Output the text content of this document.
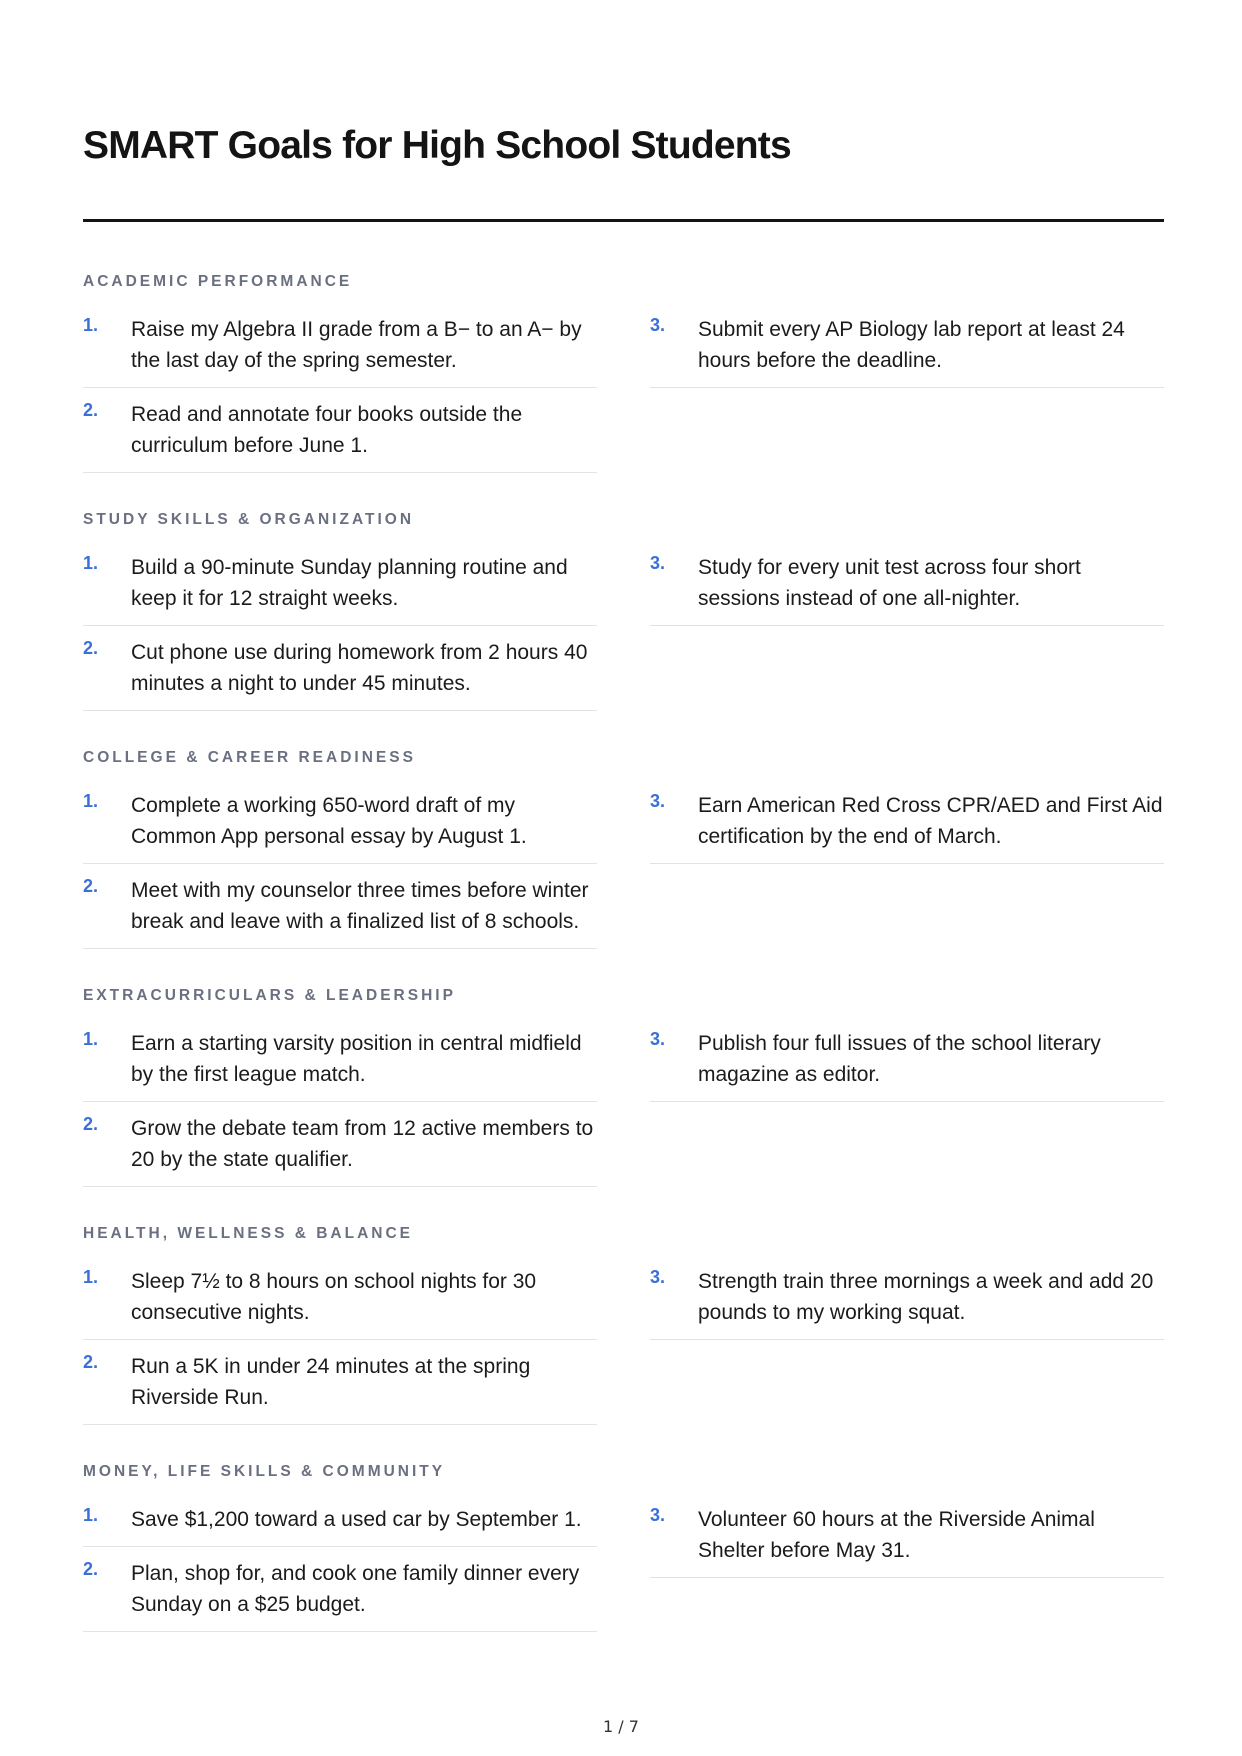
SMART Goals for High School Students
ACADEMIC PERFORMANCE
1.	Raise my Algebra II grade from a B− to an A− by the last day of the spring semester.
2.	Read and annotate four books outside the curriculum before June 1.
3.	Submit every AP Biology lab report at least 24 hours before the deadline.
STUDY SKILLS & ORGANIZATION
1.	Build a 90-minute Sunday planning routine and keep it for 12 straight weeks.
2.	Cut phone use during homework from 2 hours 40 minutes a night to under 45 minutes.
3.	Study for every unit test across four short sessions instead of one all-nighter.
COLLEGE & CAREER READINESS
1.	Complete a working 650-word draft of my Common App personal essay by August 1.
2.	Meet with my counselor three times before winter break and leave with a finalized list of 8 schools.
3.	Earn American Red Cross CPR/AED and First Aid certification by the end of March.
EXTRACURRICULARS & LEADERSHIP
1.	Earn a starting varsity position in central midfield by the first league match.
2.	Grow the debate team from 12 active members to 20 by the state qualifier.
3.	Publish four full issues of the school literary magazine as editor.
HEALTH, WELLNESS & BALANCE
1.	Sleep 7½ to 8 hours on school nights for 30 consecutive nights.
2.	Run a 5K in under 24 minutes at the spring Riverside Run.
3.	Strength train three mornings a week and add 20 pounds to my working squat.
MONEY, LIFE SKILLS & COMMUNITY
1.	Save $1,200 toward a used car by September 1.
2.	Plan, shop for, and cook one family dinner every Sunday on a $25 budget.
3.	Volunteer 60 hours at the Riverside Animal Shelter before May 31.
1 / 7
